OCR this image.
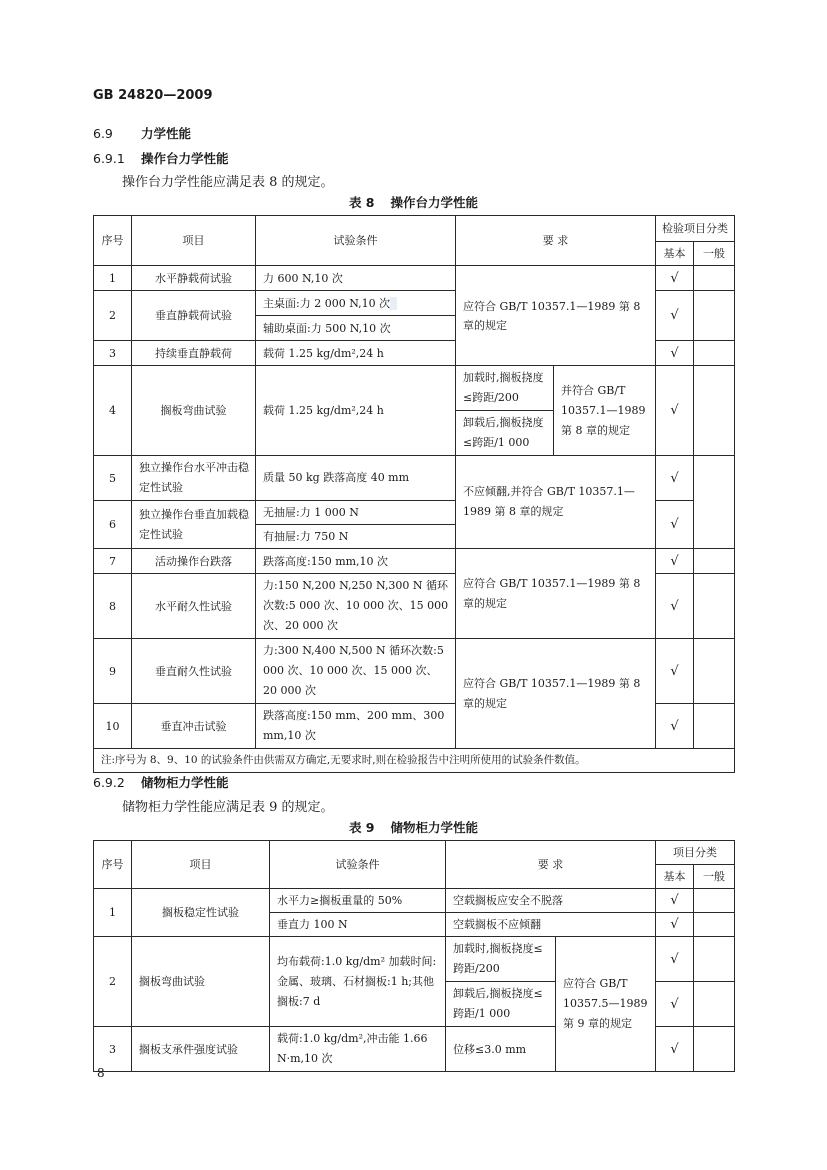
GB 24820—2009
6.9 力学性能
6.9.1 操作台力学性能
操作台力学性能应满足表 8 的规定。
表 8 操作台力学性能
序号	项目	试验条件	要 求		检验项目分类	
					基本	一般
1	水平静载荷试验	力 600 N,10 次	应符合 GB/T 10357.1—1989 第 8 章的规定		√	
2	垂直静载荷试验	主桌面:力 2 000 N,10 次			√	
		辅助桌面:力 500 N,10 次				
3	持续垂直静载荷	载荷 1.25 kg/dm²,24 h			√	
4	搁板弯曲试验	载荷 1.25 kg/dm²,24 h	加载时,搁板挠度≤跨距/200	并符合 GB/T 10357.1—1989 第 8 章的规定	√	
			卸载后,搁板挠度≤跨距/1 000			
5	独立操作台水平冲击稳定性试验	质量 50 kg 跌落高度 40 mm	不应倾翻,并符合 GB/T 10357.1—1989 第 8 章的规定		√	
6	独立操作台垂直加载稳定性试验	无抽屉:力 1 000 N			√	
		有抽屉:力 750 N				
7	活动操作台跌落	跌落高度:150 mm,10 次	应符合 GB/T 10357.1—1989 第 8 章的规定		√	
8	水平耐久性试验	力:150 N,200 N,250 N,300 N 循环次数:5 000 次、10 000 次、15 000 次、20 000 次			√	
9	垂直耐久性试验	力:300 N,400 N,500 N 循环次数:5 000 次、10 000 次、15 000 次、20 000 次	应符合 GB/T 10357.1—1989 第 8 章的规定		√	
10	垂直冲击试验	跌落高度:150 mm、200 mm、300 mm,10 次			√	
注:序号为 8、9、10 的试验条件由供需双方确定,无要求时,则在检验报告中注明所使用的试验条件数值。						
6.9.2 储物柜力学性能
储物柜力学性能应满足表 9 的规定。
表 9 储物柜力学性能
序号	项目	试验条件	要 求		项目分类	
					基本	一般
1	搁板稳定性试验	水平力≥搁板重量的 50%	空载搁板应安全不脱落		√	
		垂直力 100 N	空载搁板不应倾翻		√	
2	搁板弯曲试验	均布载荷:1.0 kg/dm² 加载时间:金属、玻璃、石材搁板:1 h;其他搁板:7 d	加载时,搁板挠度≤跨距/200	应符合 GB/T 10357.5—1989 第 9 章的规定	√	
			卸载后,搁板挠度≤跨距/1 000		√	
3	搁板支承件强度试验	载荷:1.0 kg/dm²,冲击能 1.66 N·m,10 次	位移≤3.0 mm		√	
8
